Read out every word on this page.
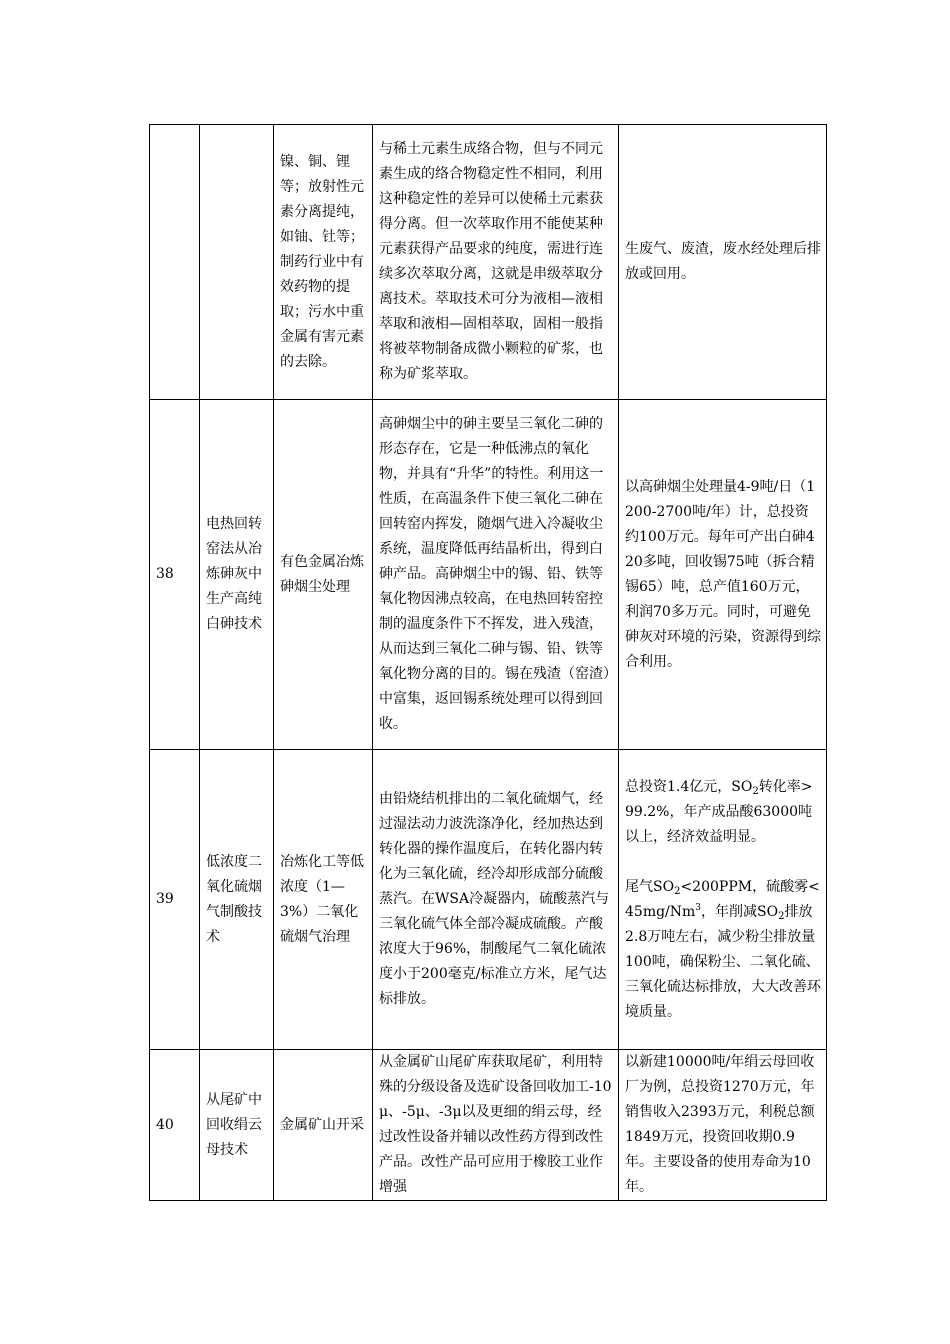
		镍、铜、锂等；放射性元素分离提纯，如铀、钍等；制药行业中有效药物的提取；污水中重金属有害元素的去除。	与稀土元素生成络合物，但与不同元素生成的络合物稳定性不相同，利用这种稳定性的差异可以使稀土元素获得分离。但一次萃取作用不能使某种元素获得产品要求的纯度，需进行连续多次萃取分离，这就是串级萃取分离技术。萃取技术可分为液相—液相萃取和液相—固相萃取，固相一般指将被萃物制备成微小颗粒的矿浆，也称为矿浆萃取。	生废气、废渣，废水经处理后排放或回用。
38	电热回转窑法从冶炼砷灰中生产高纯白砷技术	有色金属冶炼砷烟尘处理	高砷烟尘中的砷主要呈三氧化二砷的形态存在，它是一种低沸点的氧化物，并具有“升华”的特性。利用这一性质，在高温条件下使三氧化二砷在回转窑内挥发，随烟气进入冷凝收尘系统，温度降低再结晶析出，得到白砷产品。高砷烟尘中的锡、铅、铁等氧化物因沸点较高，在电热回转窑控制的温度条件下不挥发，进入残渣，从而达到三氧化二砷与锡、铅、铁等氧化物分离的目的。锡在残渣（窑渣）中富集，返回锡系统处理可以得到回收。	以高砷烟尘处理量4-9吨/日（1200-2700吨/年）计，总投资约100万元。每年可产出白砷420多吨，回收锡75吨（拆合精锡65）吨，总产值160万元，利润70多万元。同时，可避免砷灰对环境的污染，资源得到综合利用。
39	低浓度二氧化硫烟气制酸技术	冶炼化工等低浓度（1—3%）二氧化硫烟气治理	由铅烧结机排出的二氧化硫烟气，经过湿法动力波洗涤净化，经加热达到转化器的操作温度后，在转化器内转化为三氧化硫，经冷却形成部分硫酸蒸汽。在WSA冷凝器内，硫酸蒸汽与三氧化硫气体全部冷凝成硫酸。产酸浓度大于96%，制酸尾气二氧化硫浓度小于200毫克/标准立方米，尾气达标排放。	总投资1.4亿元，$SO_2$转化率>99.2%，年产成品酸63000吨以上，经济效益明显。
尾气$SO_2<200PPM$，硫酸雾$<45mg/Nm^3$，年削减$SO_2$排放2.8万吨左右，减少粉尘排放量100吨，确保粉尘、二氧化硫、三氧化硫达标排放，大大改善环境质量。
40	从尾矿中回收绢云母技术	金属矿山开采	从金属矿山尾矿库获取尾矿，利用特殊的分级设备及选矿设备回收加工-10μ、-5μ、-3μ以及更细的绢云母，经过改性设备并辅以改性药方得到改性产品。改性产品可应用于橡胶工业作增强	以新建10000吨/年绢云母回收厂为例，总投资1270万元，年销售收入2393万元，利税总额1849万元，投资回收期0.9年。主要设备的使用寿命为10年。
